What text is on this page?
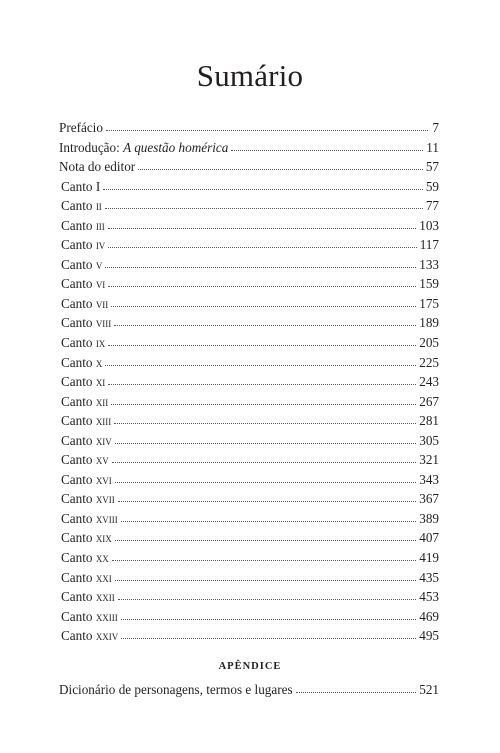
Sumário
Prefácio	7
Introdução: A questão homérica	11
Nota do editor	57
Canto I	59
Canto ii	77
Canto iii	103
Canto iv	117
Canto v	133
Canto vi	159
Canto vii	175
Canto viii	189
Canto ix	205
Canto x	225
Canto xi	243
Canto xii	267
Canto xiii	281
Canto xiv	305
Canto xv	321
Canto xvi	343
Canto xvii	367
Canto xviii	389
Canto xix	407
Canto xx	419
Canto xxi	435
Canto xxii	453
Canto xxiii	469
Canto xxiv	495
APÊNDICE
Dicionário de personagens, termos e lugares	521
